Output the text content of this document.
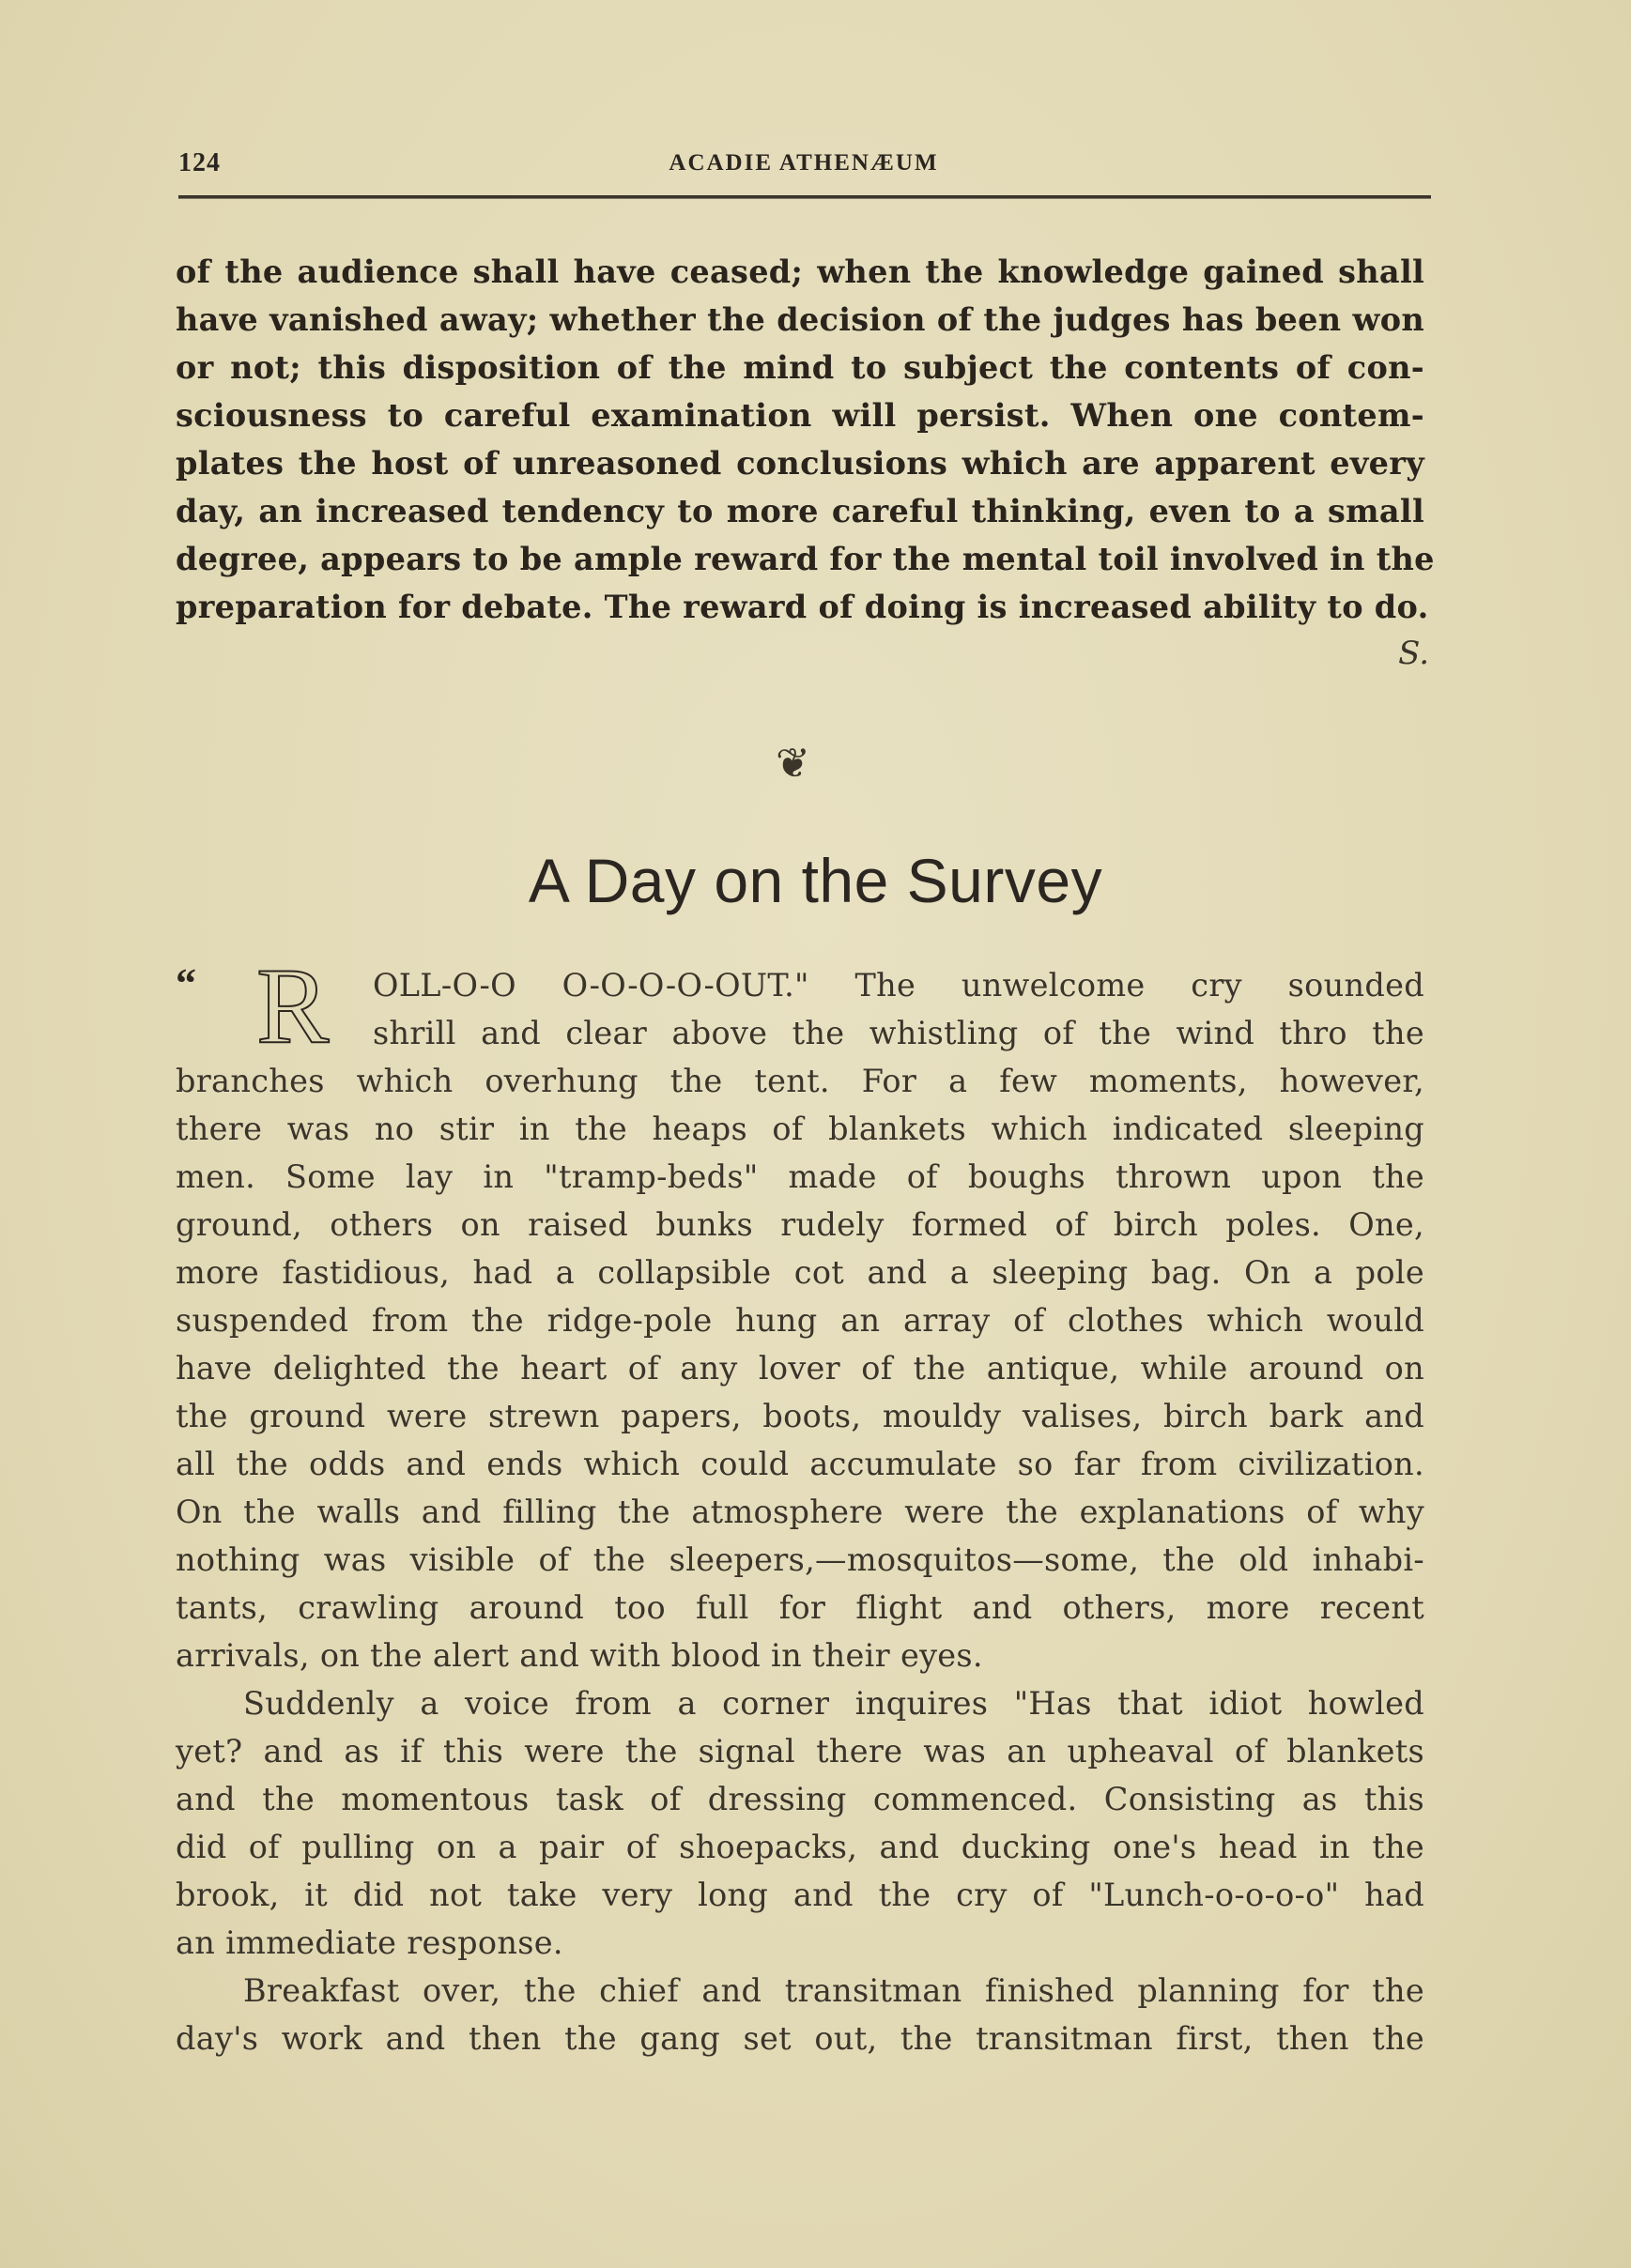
124	ACADIE ATHENÆUM
of the audience shall have ceased; when the knowledge gained shall
have vanished away; whether the decision of the judges has been won
or not; this disposition of the mind to subject the contents of con-
sciousness to careful examination will persist. When one contem-
plates the host of unreasoned conclusions which are apparent every
day, an increased tendency to more careful thinking, even to a small
degree, appears to be ample reward for the mental toil involved in the
preparation for debate. The reward of doing is increased ability to do.
S.
❦
A Day on the Survey
“ R	OLL-O-O O-O-O-O-OUT." The unwelcome cry sounded
shrill and clear above the whistling of the wind thro the
branches which overhung the tent. For a few moments, however,
there was no stir in the heaps of blankets which indicated sleeping
men. Some lay in "tramp-beds" made of boughs thrown upon the
ground, others on raised bunks rudely formed of birch poles. One,
more fastidious, had a collapsible cot and a sleeping bag. On a pole
suspended from the ridge-pole hung an array of clothes which would
have delighted the heart of any lover of the antique, while around on
the ground were strewn papers, boots, mouldy valises, birch bark and
all the odds and ends which could accumulate so far from civilization.
On the walls and filling the atmosphere were the explanations of why
nothing was visible of the sleepers,—mosquitos—some, the old inhabi-
tants, crawling around too full for flight and others, more recent
arrivals, on the alert and with blood in their eyes.
Suddenly a voice from a corner inquires "Has that idiot howled
yet? and as if this were the signal there was an upheaval of blankets
and the momentous task of dressing commenced. Consisting as this
did of pulling on a pair of shoepacks, and ducking one's head in the
brook, it did not take very long and the cry of "Lunch-o-o-o-o" had
an immediate response.
Breakfast over, the chief and transitman finished planning for the
day's work and then the gang set out, the transitman first, then the
